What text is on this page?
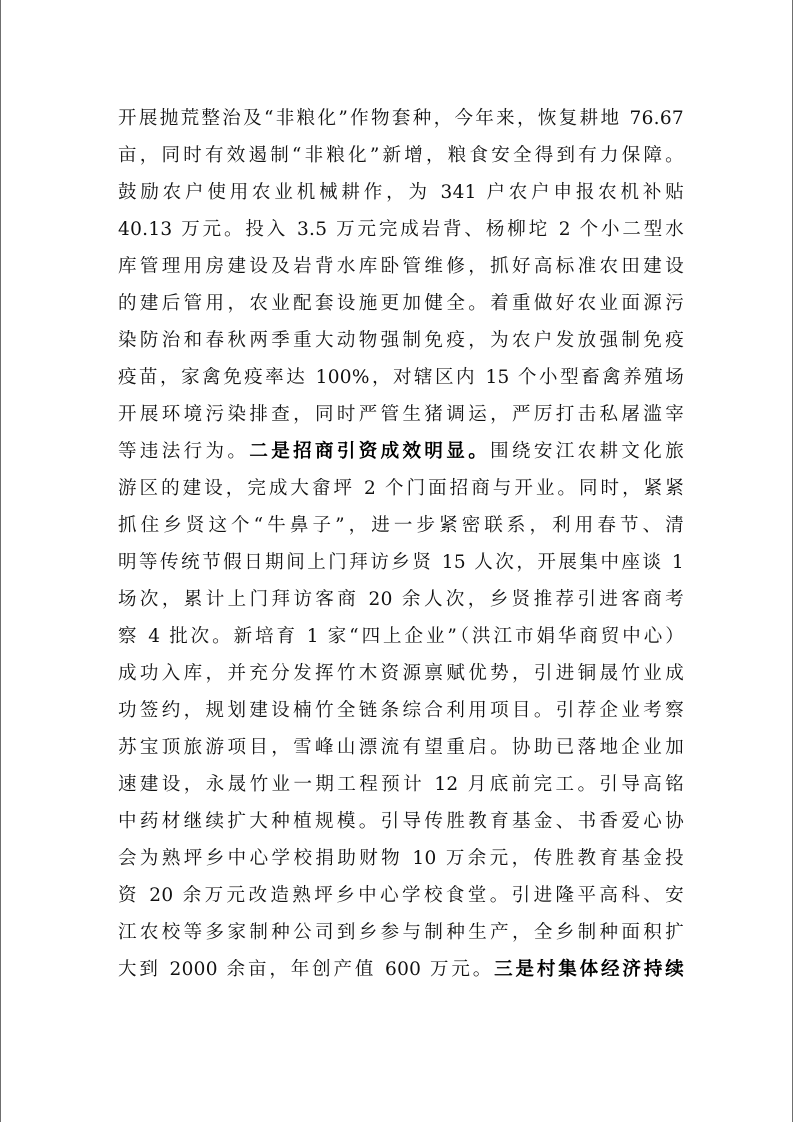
开展抛荒整治及“非粮化”作物套种，今年来，恢复耕地 76.67
亩，同时有效遏制“非粮化”新增，粮食安全得到有力保障。
鼓励农户使用农业机械耕作，为 341 户农户申报农机补贴
40.13 万元。投入 3.5 万元完成岩背、杨柳坨 2 个小二型水
库管理用房建设及岩背水库卧管维修，抓好高标准农田建设
的建后管用，农业配套设施更加健全。着重做好农业面源污
染防治和春秋两季重大动物强制免疫，为农户发放强制免疫
疫苗，家禽免疫率达 100%，对辖区内 15 个小型畜禽养殖场
开展环境污染排查，同时严管生猪调运，严厉打击私屠滥宰
等违法行为。二是招商引资成效明显。围绕安江农耕文化旅
游区的建设，完成大畲坪 2 个门面招商与开业。同时，紧紧
抓住乡贤这个“牛鼻子”，进一步紧密联系，利用春节、清
明等传统节假日期间上门拜访乡贤 15 人次，开展集中座谈 1
场次，累计上门拜访客商 20 余人次，乡贤推荐引进客商考
察 4 批次。新培育 1 家“四上企业”（洪江市娟华商贸中心）
成功入库，并充分发挥竹木资源禀赋优势，引进铜晟竹业成
功签约，规划建设楠竹全链条综合利用项目。引荐企业考察
苏宝顶旅游项目，雪峰山漂流有望重启。协助已落地企业加
速建设，永晟竹业一期工程预计 12 月底前完工。引导高铭
中药材继续扩大种植规模。引导传胜教育基金、书香爱心协
会为熟坪乡中心学校捐助财物 10 万余元，传胜教育基金投
资 20 余万元改造熟坪乡中心学校食堂。引进隆平高科、安
江农校等多家制种公司到乡参与制种生产，全乡制种面积扩
大到 2000 余亩，年创产值 600 万元。三是村集体经济持续
